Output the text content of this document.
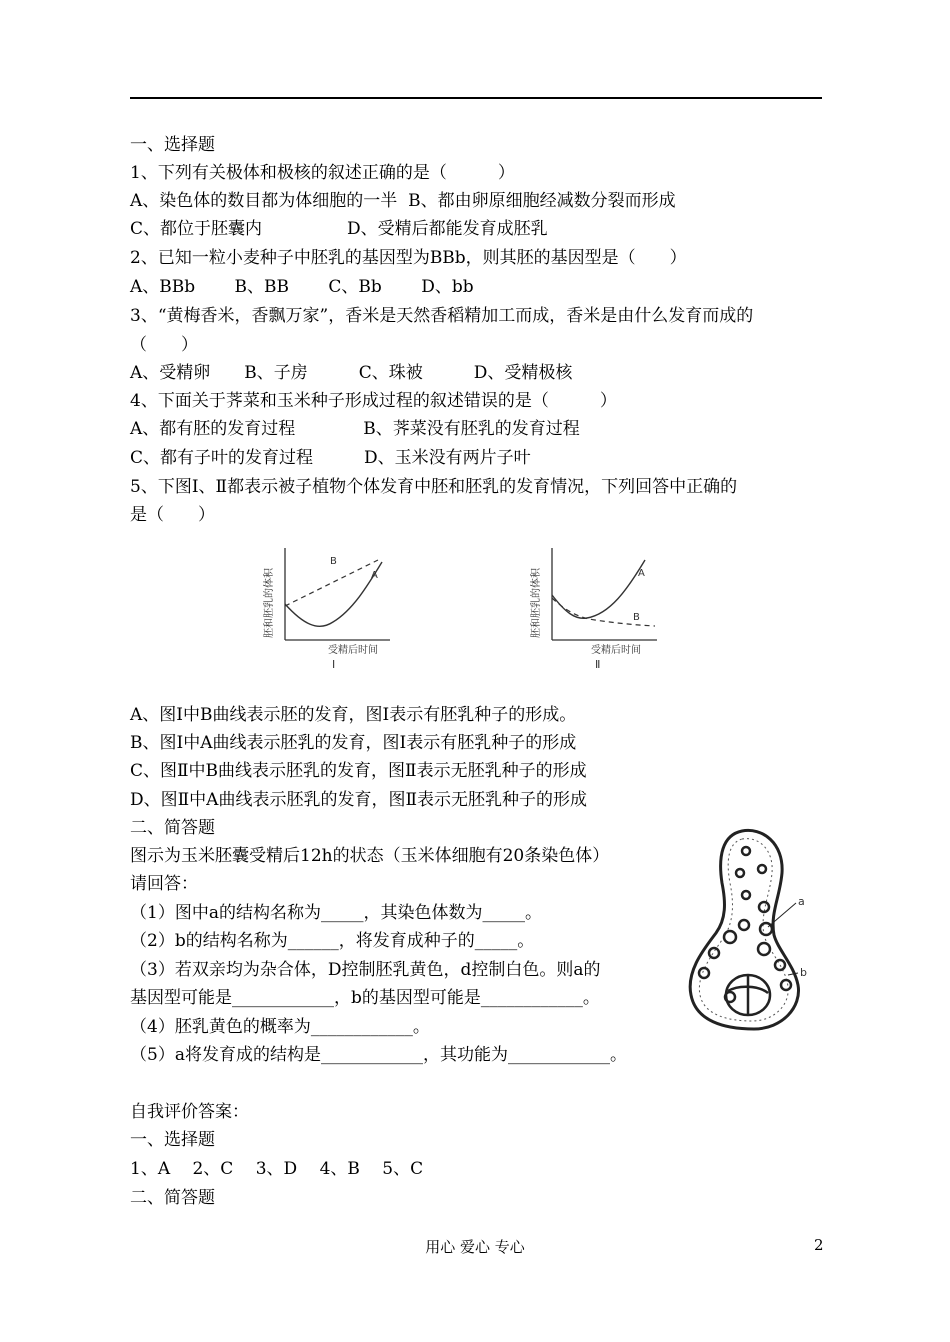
一、选择题
1、下列有关极体和极核的叙述正确的是（　　　）
A、染色体的数目都为体细胞的一半  B、都由卵原细胞经减数分裂而形成
C、都位于胚囊内　　　　　D、受精后都能发育成胚乳
2、已知一粒小麦种子中胚乳的基因型为BBb，则其胚的基因型是（　　）
A、BBb　　 B、BB　　 C、Bb　　 D、bb
3、“黄梅香米，香飘万家”，香米是天然香稻精加工而成，香米是由什么发育而成的
（　　）
A、受精卵　　B、子房　　　C、珠被　　　D、受精极核
4、下面关于荠菜和玉米种子形成过程的叙述错误的是（　　　）
A、都有胚的发育过程　　　　B、荠菜没有胚乳的发育过程
C、都有子叶的发育过程　　　D、玉米没有两片子叶
5、下图Ⅰ、Ⅱ都表示被子植物个体发育中胚和胚乳的发育情况，下列回答中正确的
是（　　）
A、图Ⅰ中B曲线表示胚的发育，图Ⅰ表示有胚乳种子的形成。
B、图Ⅰ中A曲线表示胚乳的发育，图Ⅰ表示有胚乳种子的形成
C、图Ⅱ中B曲线表示胚乳的发育，图Ⅱ表示无胚乳种子的形成
D、图Ⅱ中A曲线表示胚乳的发育，图Ⅱ表示无胚乳种子的形成
二、简答题
图示为玉米胚囊受精后12h的状态（玉米体细胞有20条染色体）
请回答：
（1）图中a的结构名称为_____，其染色体数为_____。
（2）b的结构名称为______，将发育成种子的_____。
（3）若双亲均为杂合体，D控制胚乳黄色，d控制白色。则a的
基因型可能是____________，b的基因型可能是____________。
（4）胚乳黄色的概率为____________。
（5）a将发育成的结构是____________，其功能为____________。
自我评价答案：
一、选择题
1、A　 2、C　 3、D　 4、B　 5、C
二、简答题
胚和胚乳的体积
B
A
受精后时间
Ⅰ
胚和胚乳的体积	A
B
受精后时间
Ⅱ
a
b
用心 爱心 专心	2
